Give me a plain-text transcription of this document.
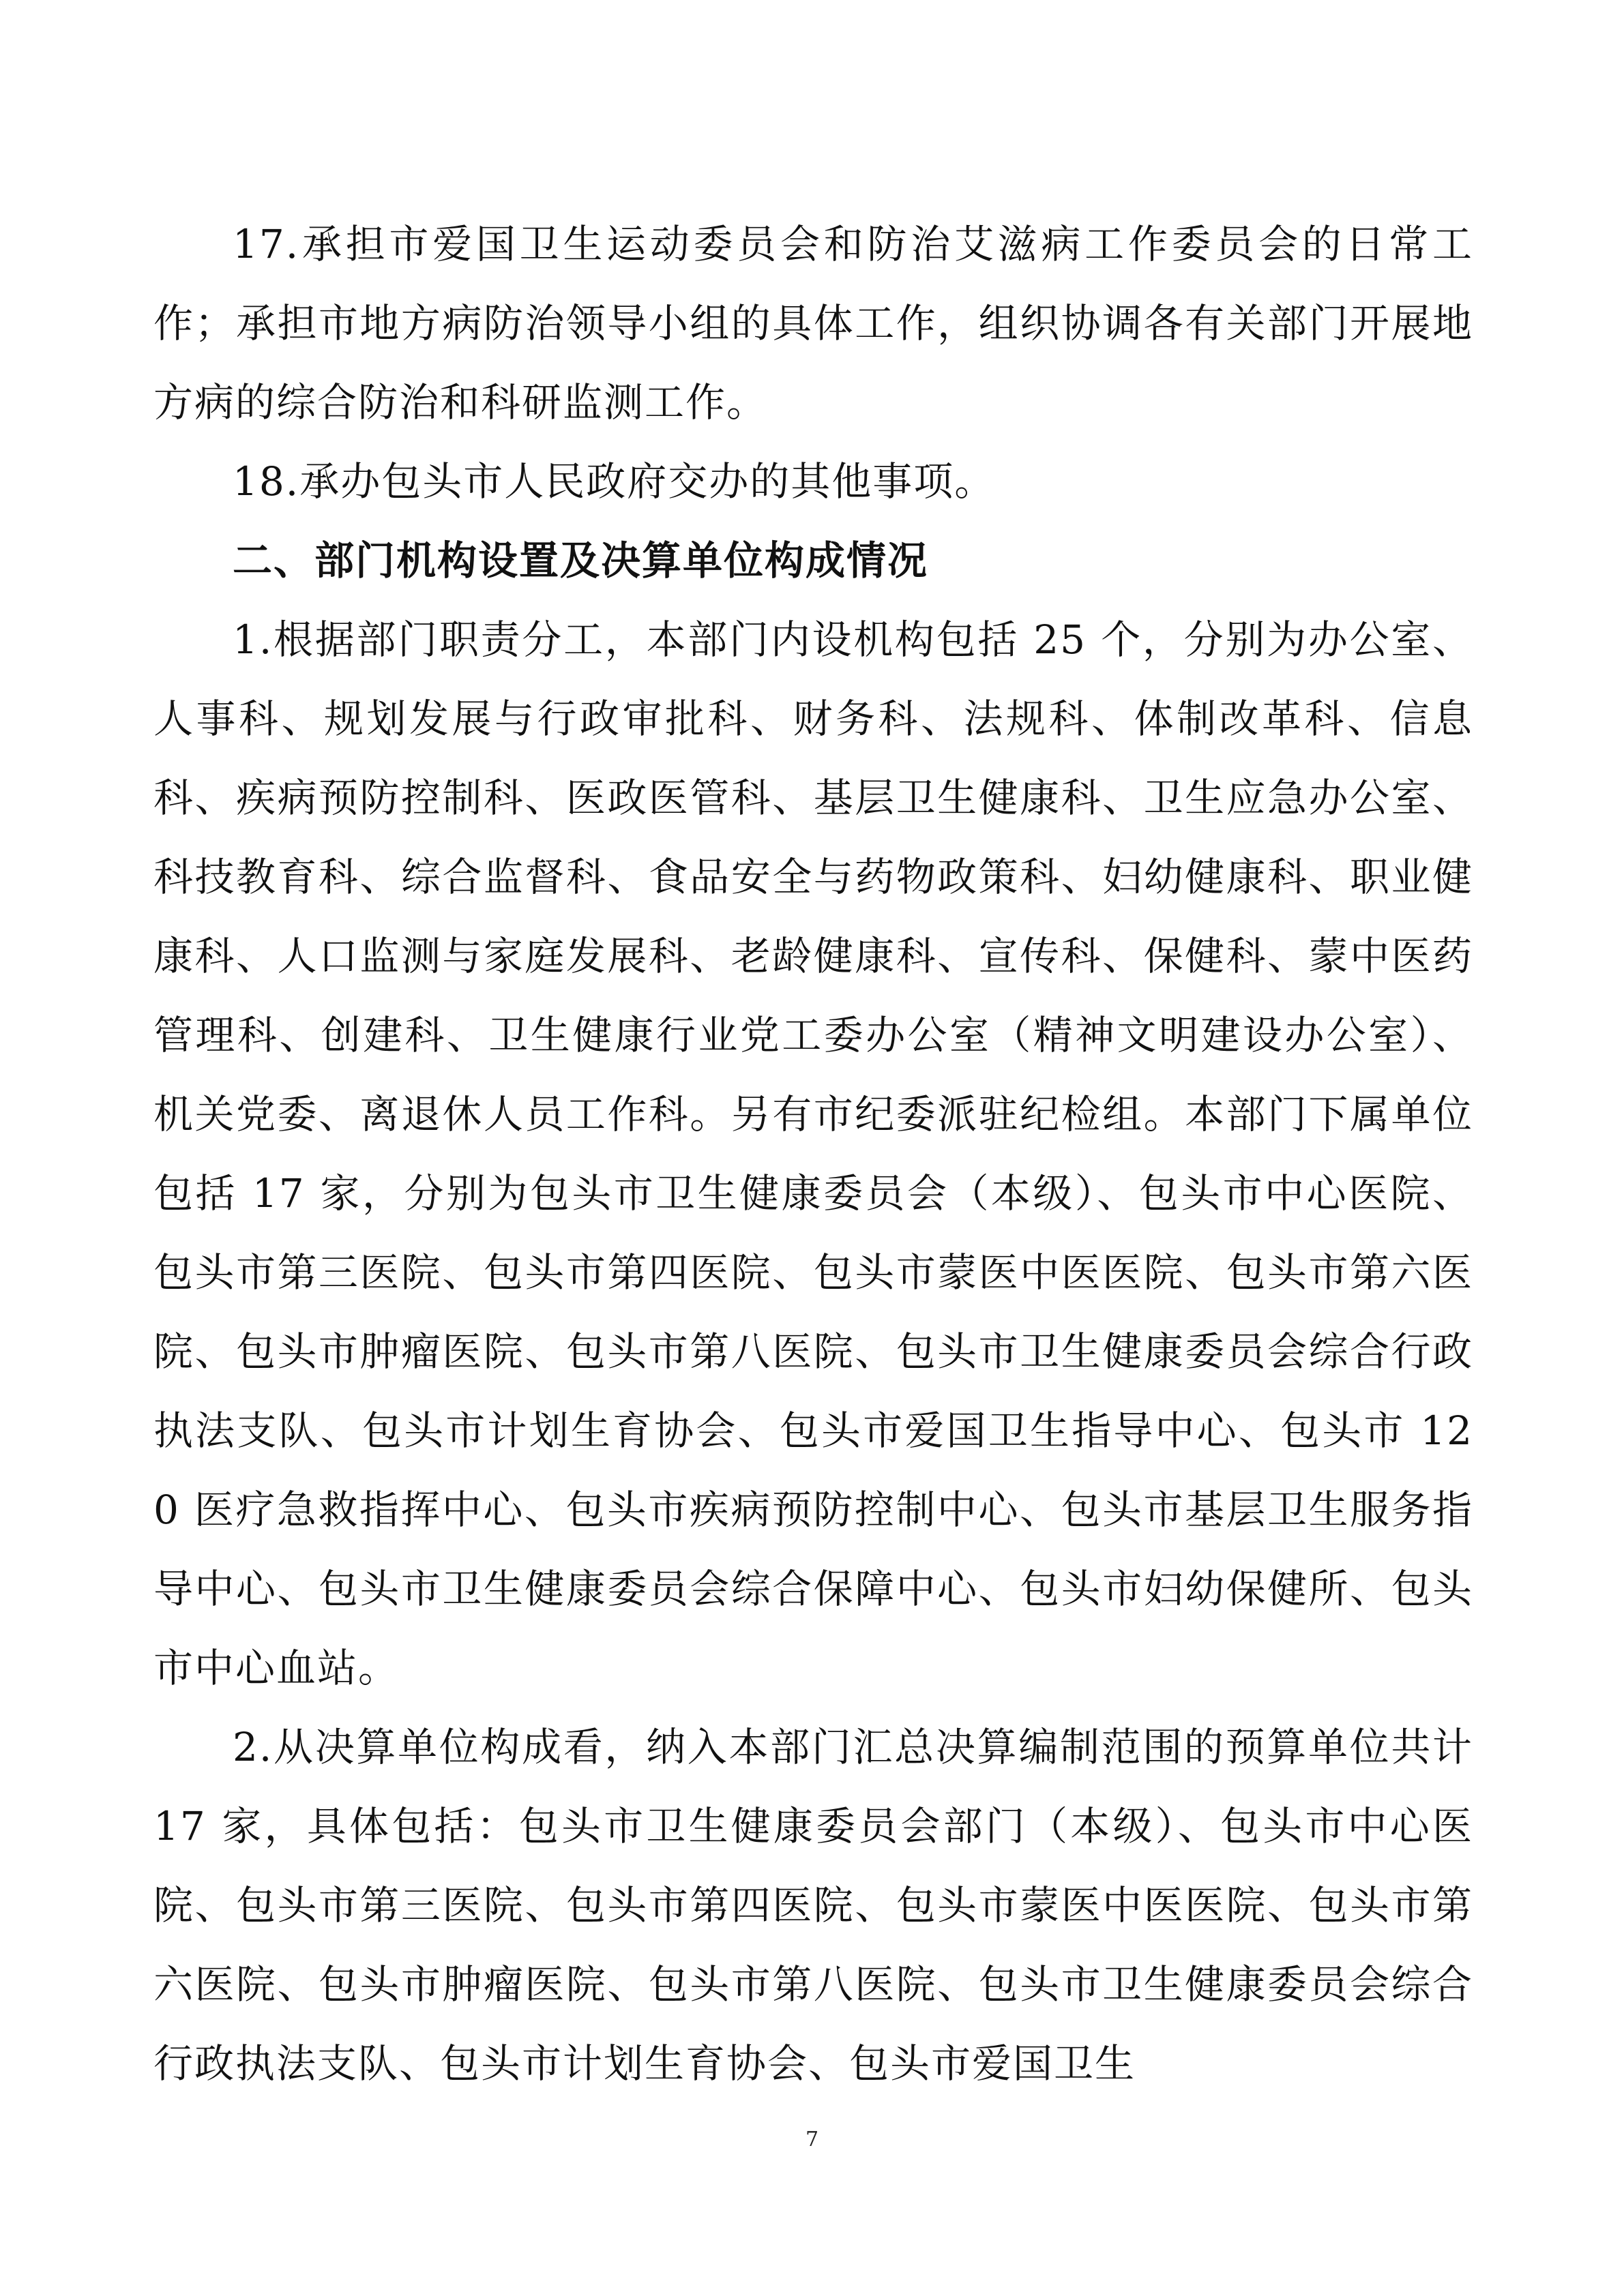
17.承担市爱国卫生运动委员会和防治艾滋病工作委员会的日常工作；承担市地方病防治领导小组的具体工作，组织协调各有关部门开展地方病的综合防治和科研监测工作。

18.承办包头市人民政府交办的其他事项。

二、部门机构设置及决算单位构成情况

1.根据部门职责分工，本部门内设机构包括 25 个，分别为办公室、人事科、规划发展与行政审批科、财务科、法规科、体制改革科、信息科、疾病预防控制科、医政医管科、基层卫生健康科、卫生应急办公室、科技教育科、综合监督科、食品安全与药物政策科、妇幼健康科、职业健康科、人口监测与家庭发展科、老龄健康科、宣传科、保健科、蒙中医药管理科、创建科、卫生健康行业党工委办公室（精神文明建设办公室）、机关党委、离退休人员工作科。另有市纪委派驻纪检组。本部门下属单位包括 17 家，分别为包头市卫生健康委员会（本级）、包头市中心医院、包头市第三医院、包头市第四医院、包头市蒙医中医医院、包头市第六医院、包头市肿瘤医院、包头市第八医院、包头市卫生健康委员会综合行政执法支队、包头市计划生育协会、包头市爱国卫生指导中心、包头市 120 医疗急救指挥中心、包头市疾病预防控制中心、包头市基层卫生服务指导中心、包头市卫生健康委员会综合保障中心、包头市妇幼保健所、包头市中心血站。

2.从决算单位构成看，纳入本部门汇总决算编制范围的预算单位共计 17 家，具体包括：包头市卫生健康委员会部门（本级）、包头市中心医院、包头市第三医院、包头市第四医院、包头市蒙医中医医院、包头市第六医院、包头市肿瘤医院、包头市第八医院、包头市卫生健康委员会综合行政执法支队、包头市计划生育协会、包头市爱国卫生

7
